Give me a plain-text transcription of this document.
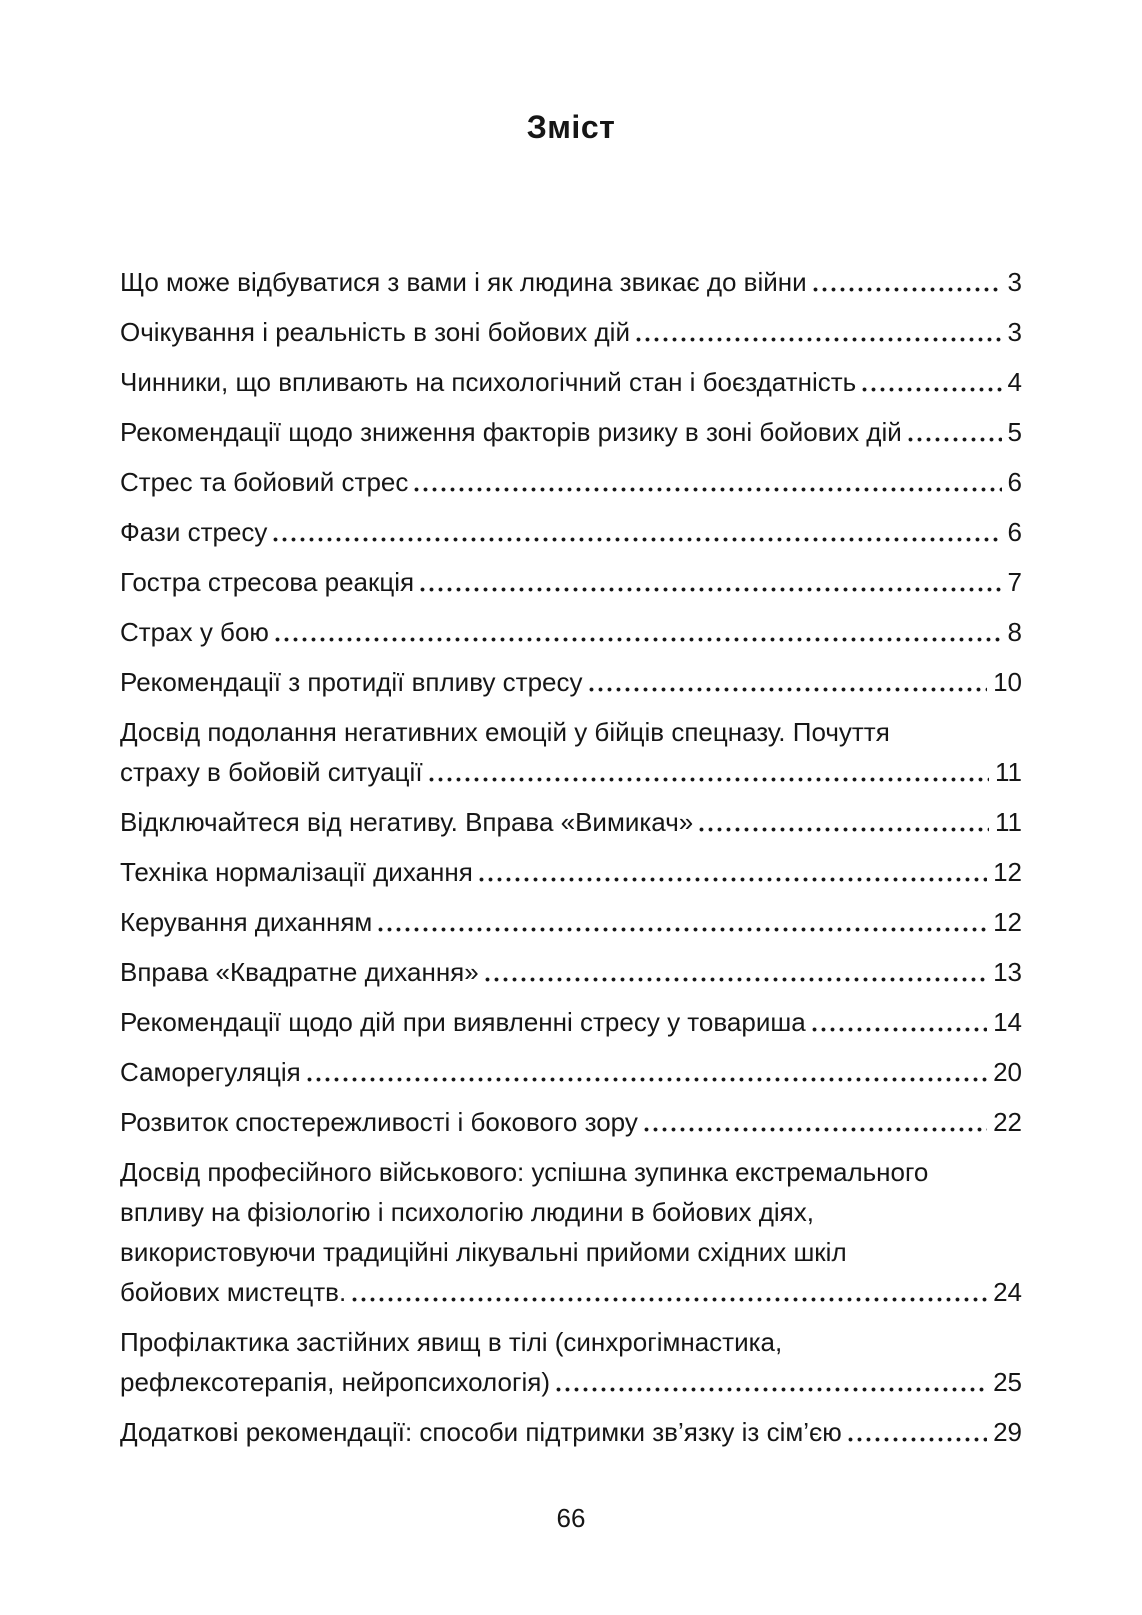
Зміст
Що може відбуватися з вами і як людина звикає до війни	3
Очікування і реальність в зоні бойових дій	3
Чинники, що впливають на психологічний стан і боєздатність	4
Рекомендації щодо зниження факторів ризику в зоні бойових дій	5
Стрес та бойовий стрес	6
Фази стресу	6
Гостра стресова реакція	7
Страх у бою	8
Рекомендації з протидії впливу стресу	10
Досвід подолання негативних емоцій у бійців спецназу. Почуття
страху в бойовій ситуації	11
Відключайтеся від негативу. Вправа «Вимикач»	11
Техніка нормалізації дихання	12
Керування диханням	12
Вправа «Квадратне дихання»	13
Рекомендації щодо дій при виявленні стресу у товариша	14
Саморегуляція	20
Розвиток спостережливості і бокового зору	22
Досвід професійного військового: успішна зупинка екстремального
впливу на фізіологію і психологію людини в бойових діях,
використовуючи традиційні лікувальні прийоми східних шкіл
бойових мистецтв.	24
Профілактика застійних явищ в тілі (синхрогімнастика,
рефлексотерапія, нейропсихологія)	25
Додаткові рекомендації: способи підтримки зв’язку із сім’єю	29
66
